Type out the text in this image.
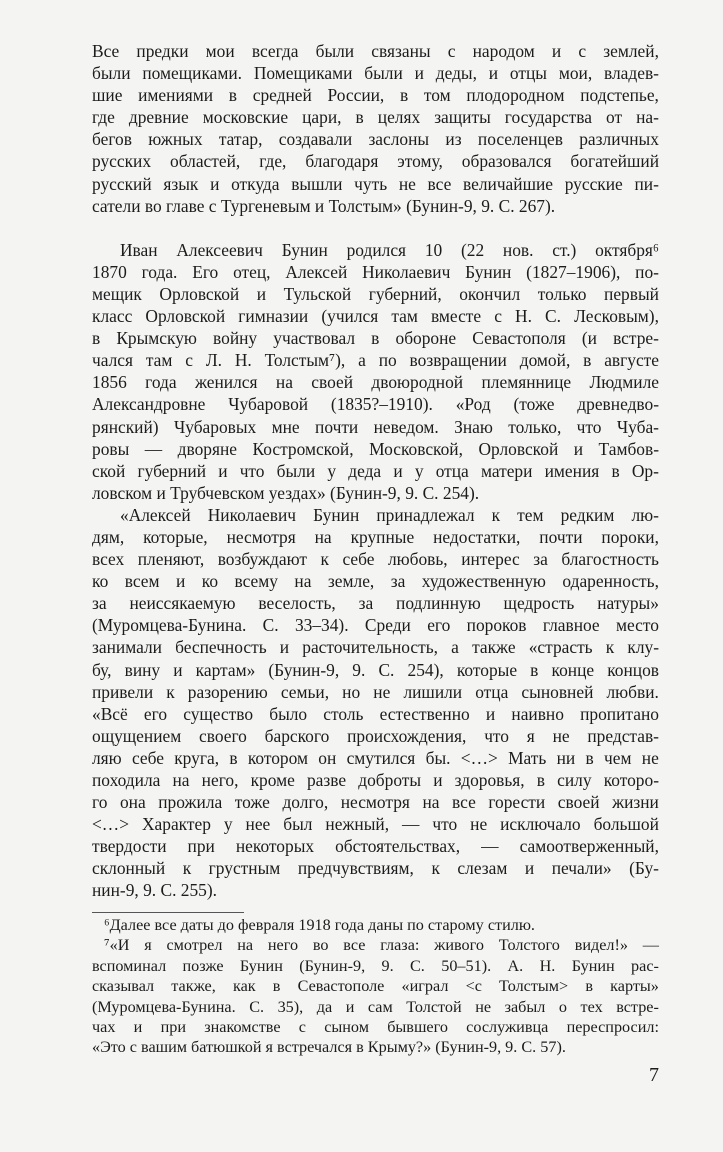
Все предки мои всегда были связаны с народом и с землей,
были помещиками. Помещиками были и деды, и отцы мои, владев-
шие имениями в средней России, в том плодородном подстепье,
где древние московские цари, в целях защиты государства от на-
бегов южных татар, создавали заслоны из поселенцев различных
русских областей, где, благодаря этому, образовался богатейший
русский язык и откуда вышли чуть не все величайшие русские пи-
сатели во главе с Тургеневым и Толстым» (Бунин-9, 9. С. 267).
Иван Алексеевич Бунин родился 10 (22 нов. ст.) октября⁶
1870 года. Его отец, Алексей Николаевич Бунин (1827–1906), по-
мещик Орловской и Тульской губерний, окончил только первый
класс Орловской гимназии (учился там вместе с Н. С. Лесковым),
в Крымскую войну участвовал в обороне Севастополя (и встре-
чался там с Л. Н. Толстым⁷), а по возвращении домой, в августе
1856 года женился на своей двоюродной племяннице Людмиле
Александровне Чубаровой (1835?–1910). «Род (тоже древнедво-
рянский) Чубаровых мне почти неведом. Знаю только, что Чуба-
ровы — дворяне Костромской, Московской, Орловской и Тамбов-
ской губерний и что были у деда и у отца матери имения в Ор-
ловском и Трубчевском уездах» (Бунин-9, 9. С. 254).
«Алексей Николаевич Бунин принадлежал к тем редким лю-
дям, которые, несмотря на крупные недостатки, почти пороки,
всех пленяют, возбуждают к себе любовь, интерес за благостность
ко всем и ко всему на земле, за художественную одаренность,
за неиссякаемую веселость, за подлинную щедрость натуры»
(Муромцева-Бунина. С. 33–34). Среди его пороков главное место
занимали беспечность и расточительность, а также «страсть к клу-
бу, вину и картам» (Бунин-9, 9. С. 254), которые в конце концов
привели к разорению семьи, но не лишили отца сыновней любви.
«Всё его существо было столь естественно и наивно пропитано
ощущением своего барского происхождения, что я не представ-
ляю себе круга, в котором он смутился бы. <…> Мать ни в чем не
походила на него, кроме разве доброты и здоровья, в силу которо-
го она прожила тоже долго, несмотря на все горести своей жизни
<…> Характер у нее был нежный, — что не исключало большой
твердости при некоторых обстоятельствах, — самоотверженный,
склонный к грустным предчувствиям, к слезам и печали» (Бу-
нин-9, 9. С. 255).
⁶Далее все даты до февраля 1918 года даны по старому стилю.
⁷«И я смотрел на него во все глаза: живого Толстого видел!» —
вспоминал позже Бунин (Бунин-9, 9. С. 50–51). А. Н. Бунин рас-
сказывал также, как в Севастополе «играл <с Толстым> в карты»
(Муромцева-Бунина. С. 35), да и сам Толстой не забыл о тех встре-
чах и при знакомстве с сыном бывшего сослуживца переспросил:
«Это с вашим батюшкой я встречался в Крыму?» (Бунин-9, 9. С. 57).
7
